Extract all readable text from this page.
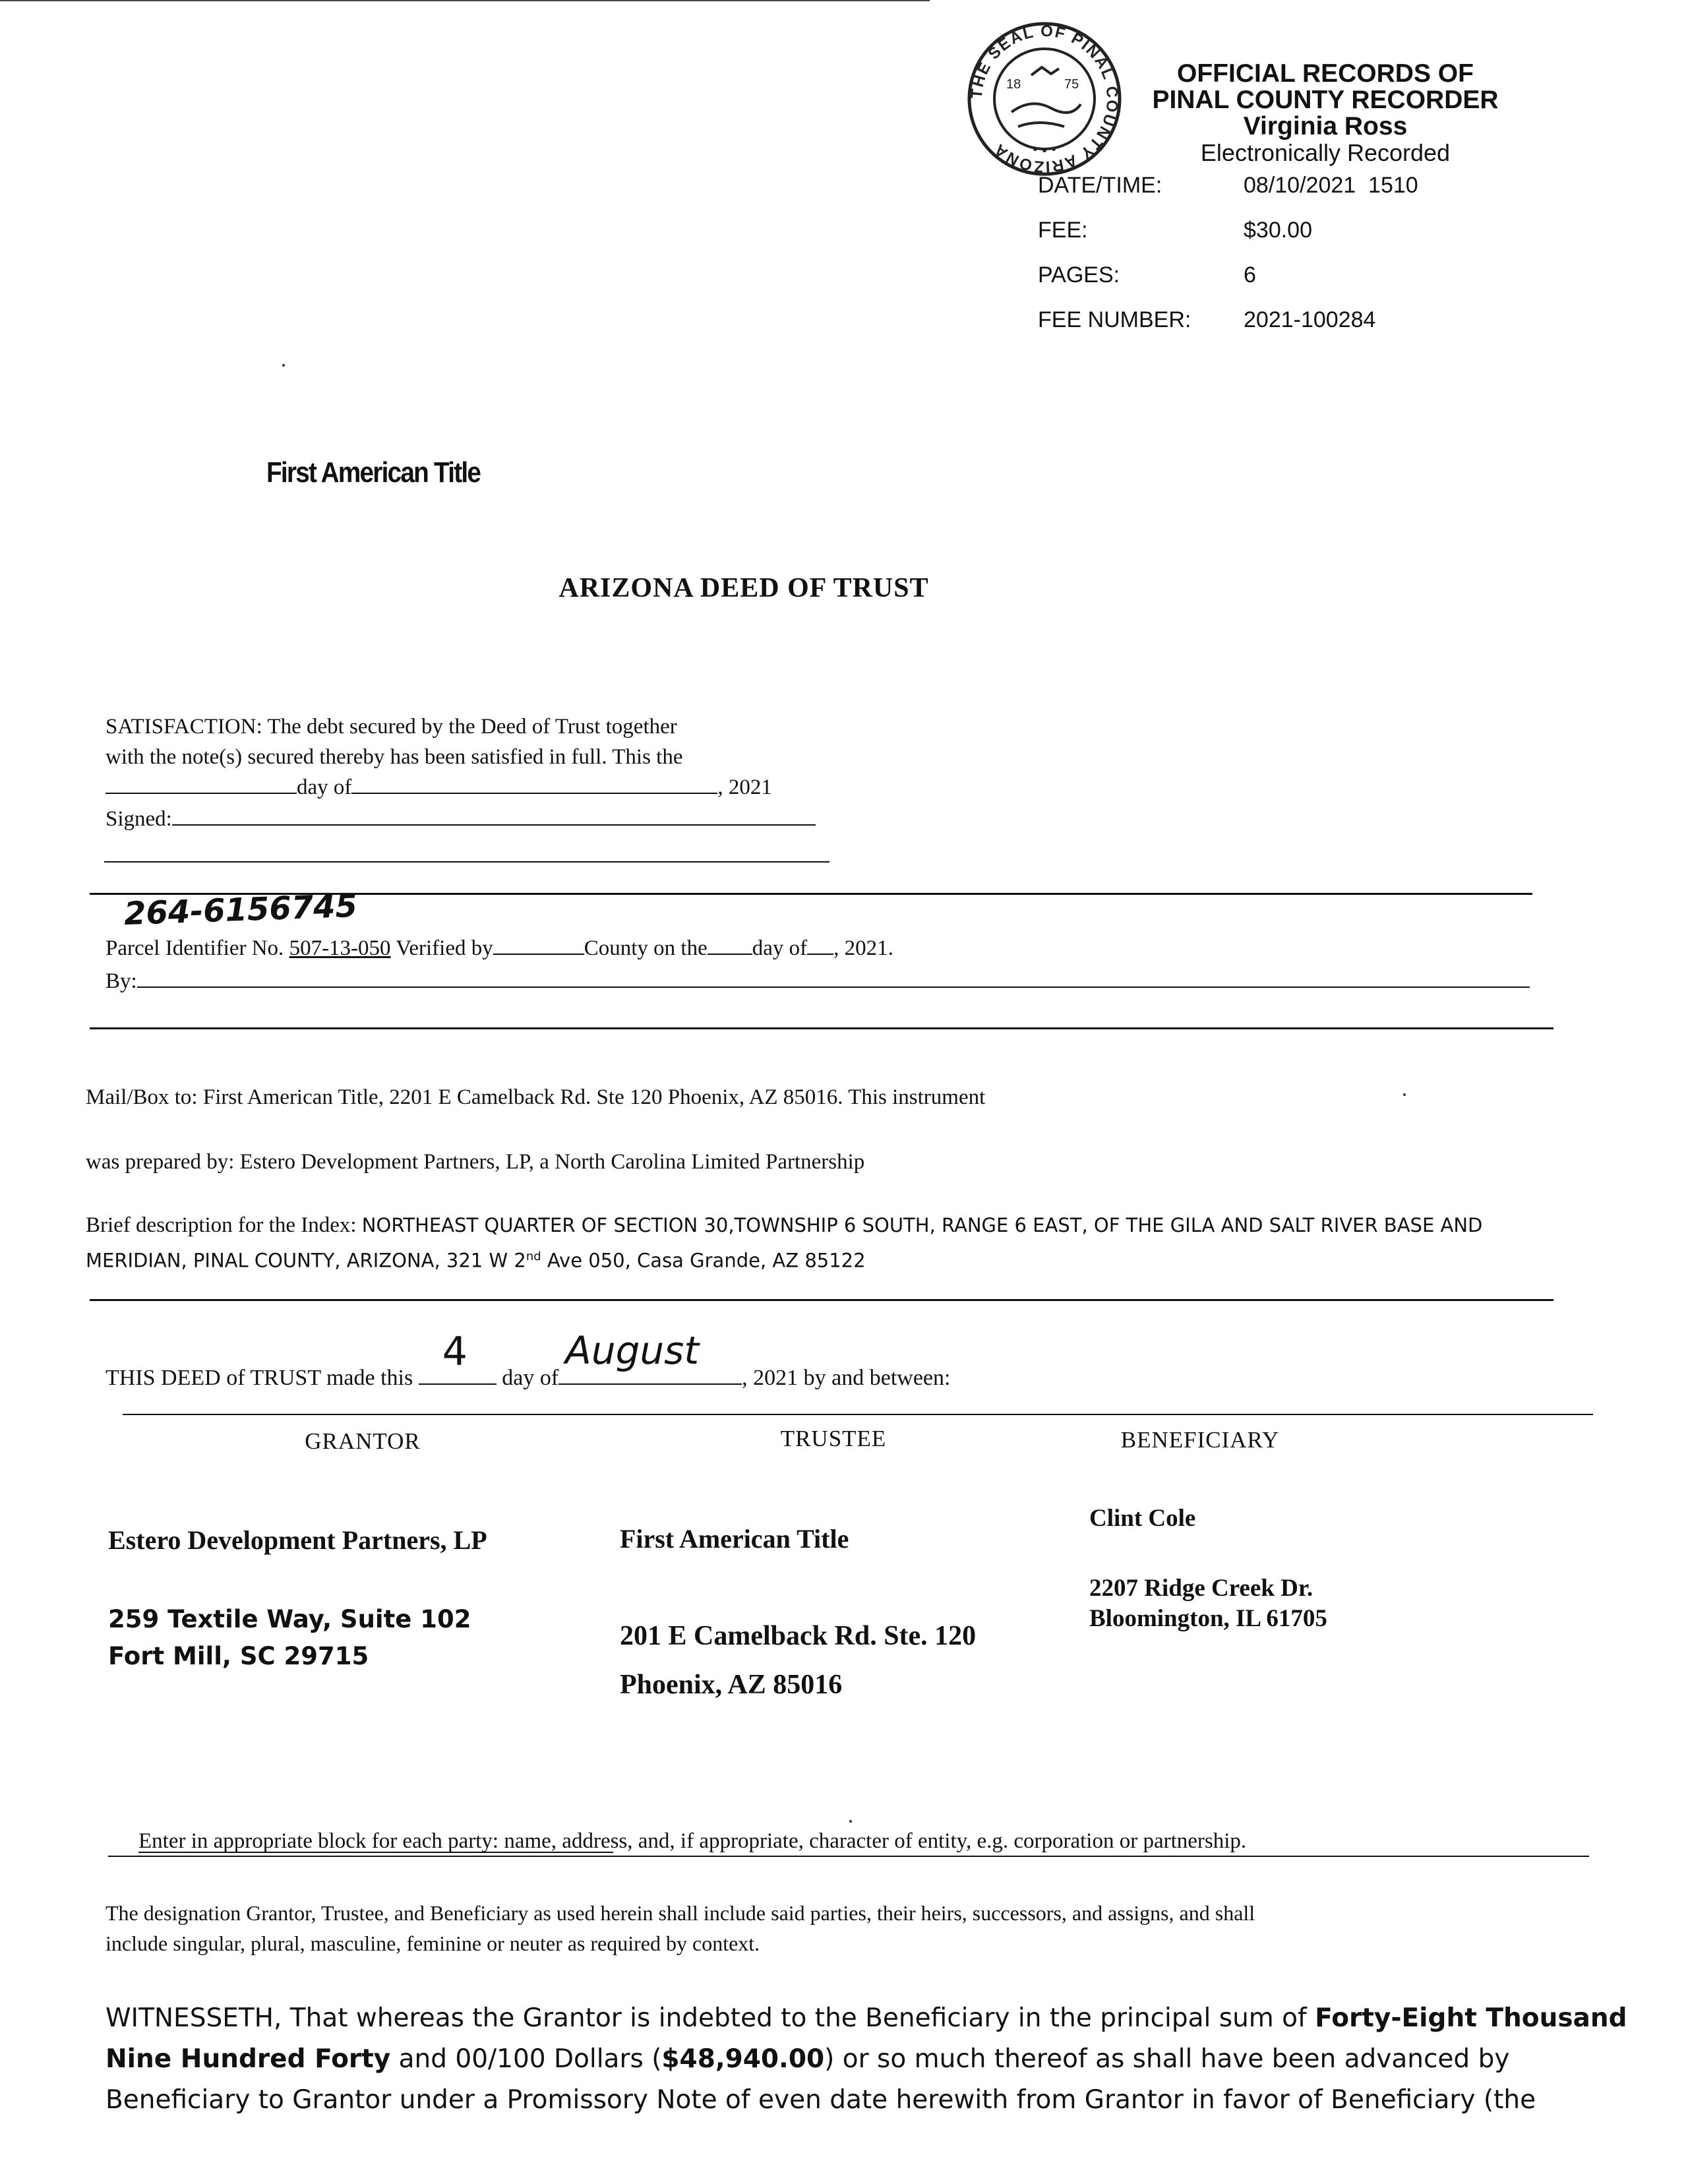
THE SEAL OF PINAL COUNTY ARIZONA
18	75	OFFICIAL RECORDS OF
PINAL COUNTY RECORDER
Virginia Ross
Electronically Recorded
DATE/TIME:	08/10/2021  1510
FEE:	$30.00
PAGES:	6
FEE NUMBER:	2021-100284
First American Title
ARIZONA DEED OF TRUST
SATISFACTION: The debt secured by the Deed of Trust together
with the note(s) secured thereby has been satisfied in full. This the
day of	, 2021
Signed:
264-6156745
Parcel Identifier No. 507-13-050 Verified by	County on the day of , 2021.
By:
Mail/Box to: First American Title, 2201 E Camelback Rd. Ste 120 Phoenix, AZ 85016. This instrument
was prepared by: Estero Development Partners, LP, a North Carolina Limited Partnership
Brief description for the Index: NORTHEAST QUARTER OF SECTION 30,TOWNSHIP 6 SOUTH, RANGE 6 EAST, OF THE GILA AND SALT RIVER BASE AND
MERIDIAN, PINAL COUNTY, ARIZONA, 321 W 2nd Ave 050, Casa Grande, AZ 85122
THIS DEED of TRUST made this
4
day of
August
, 2021 by and between:
GRANTOR	TRUSTEE	BENEFICIARY
Estero Development Partners, LP
259 Textile Way, Suite 102
Fort Mill, SC 29715
First American Title
201 E Camelback Rd. Ste. 120
Phoenix, AZ 85016
Clint Cole
2207 Ridge Creek Dr.
Bloomington, IL 61705
Enter in appropriate block for each party: name, address, and, if appropriate, character of entity, e.g. corporation or partnership.
The designation Grantor, Trustee, and Beneficiary as used herein shall include said parties, their heirs, successors, and assigns, and shall
include singular, plural, masculine, feminine or neuter as required by context.
WITNESSETH, That whereas the Grantor is indebted to the Beneficiary in the principal sum of Forty-Eight Thousand
Nine Hundred Forty and 00/100 Dollars ($48,940.00) or so much thereof as shall have been advanced by
Beneficiary to Grantor under a Promissory Note of even date herewith from Grantor in favor of Beneficiary (the
